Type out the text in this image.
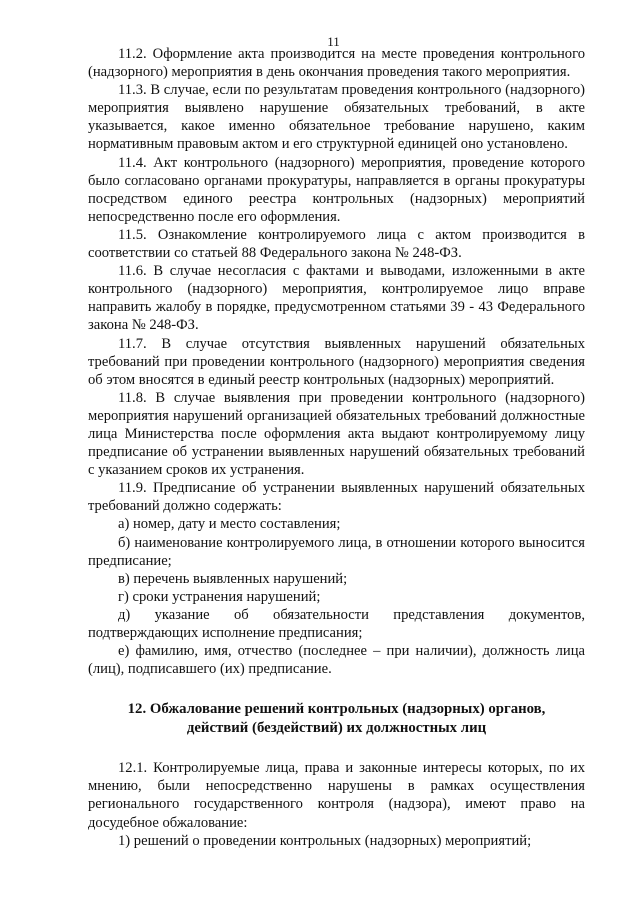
11

11.2. Оформление акта производится на месте проведения контрольного (надзорного) мероприятия в день окончания проведения такого мероприятия.

11.3. В случае, если по результатам проведения контрольного (надзорного) мероприятия выявлено нарушение обязательных требований, в акте указывается, какое именно обязательное требование нарушено, каким нормативным правовым актом и его структурной единицей оно установлено.

11.4. Акт контрольного (надзорного) мероприятия, проведение которого было согласовано органами прокуратуры, направляется в органы прокуратуры посредством единого реестра контрольных (надзорных) мероприятий непосредственно после его оформления.

11.5. Ознакомление контролируемого лица с актом производится в соответствии со статьей 88 Федерального закона № 248-ФЗ.

11.6. В случае несогласия с фактами и выводами, изложенными в акте контрольного (надзорного) мероприятия, контролируемое лицо вправе направить жалобу в порядке, предусмотренном статьями 39 - 43 Федерального закона № 248-ФЗ.

11.7. В случае отсутствия выявленных нарушений обязательных требований при проведении контрольного (надзорного) мероприятия сведения об этом вносятся в единый реестр контрольных (надзорных) мероприятий.

11.8. В случае выявления при проведении контрольного (надзорного) мероприятия нарушений организацией обязательных требований должностные лица Министерства после оформления акта выдают контролируемому лицу предписание об устранении выявленных нарушений обязательных требований с указанием сроков их устранения.

11.9. Предписание об устранении выявленных нарушений обязательных требований должно содержать:

а) номер, дату и место составления;

б) наименование контролируемого лица, в отношении которого выносится предписание;

в) перечень выявленных нарушений;

г) сроки устранения нарушений;

д) указание об обязательности представления документов, подтверждающих исполнение предписания;

е) фамилию, имя, отчество (последнее – при наличии), должность лица (лиц), подписавшего (их) предписание.

12. Обжалование решений контрольных (надзорных) органов,
действий (бездействий) их должностных лиц

12.1. Контролируемые лица, права и законные интересы которых, по их мнению, были непосредственно нарушены в рамках осуществления регионального государственного контроля (надзора), имеют право на досудебное обжалование:

1) решений о проведении контрольных (надзорных) мероприятий;
